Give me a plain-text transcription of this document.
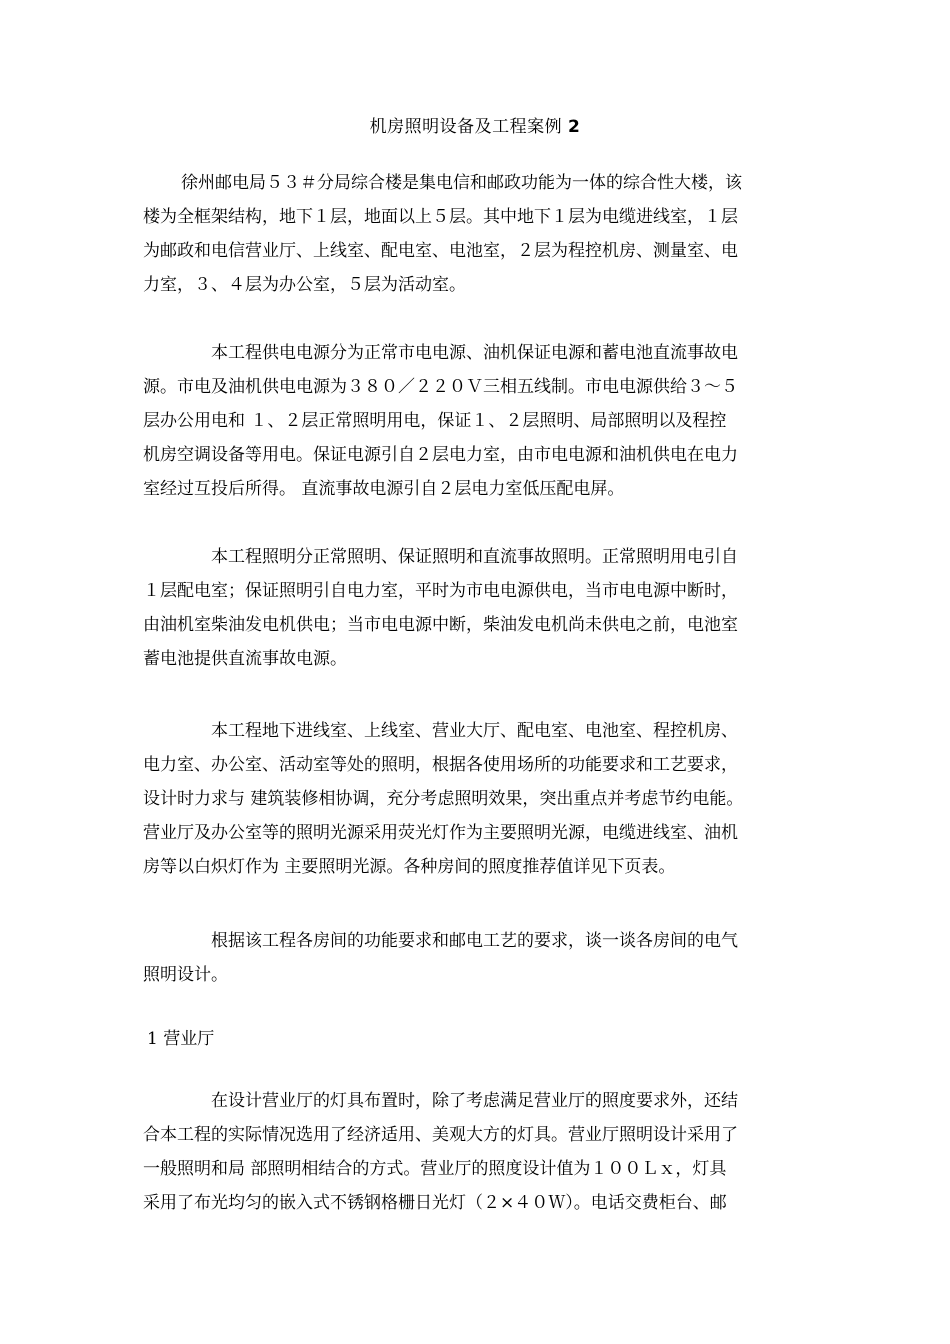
机房照明设备及工程案例 2

徐州邮电局５３＃分局综合楼是集电信和邮政功能为一体的综合性大楼，该
楼为全框架结构，地下１层，地面以上５层。其中地下１层为电缆进线室，１层
为邮政和电信营业厅、上线室、配电室、电池室，２层为程控机房、测量室、电
力室，３、４层为办公室，５层为活动室。

本工程供电电源分为正常市电电源、油机保证电源和蓄电池直流事故电
源。市电及油机供电电源为３８０／２２０Ｖ三相五线制。市电电源供给３～５
层办公用电和 １、２层正常照明用电，保证１、２层照明、局部照明以及程控
机房空调设备等用电。保证电源引自２层电力室，由市电电源和油机供电在电力
室经过互投后所得。 直流事故电源引自２层电力室低压配电屏。

本工程照明分正常照明、保证照明和直流事故照明。正常照明用电引自
１层配电室；保证照明引自电力室，平时为市电电源供电，当市电电源中断时，
由油机室柴油发电机供电；当市电电源中断，柴油发电机尚未供电之前，电池室
蓄电池提供直流事故电源。

本工程地下进线室、上线室、营业大厅、配电室、电池室、程控机房、
电力室、办公室、活动室等处的照明，根据各使用场所的功能要求和工艺要求，
设计时力求与 建筑装修相协调，充分考虑照明效果，突出重点并考虑节约电能。
营业厅及办公室等的照明光源采用荧光灯作为主要照明光源，电缆进线室、油机
房等以白炽灯作为 主要照明光源。各种房间的照度推荐值详见下页表。

根据该工程各房间的功能要求和邮电工艺的要求，谈一谈各房间的电气
照明设计。

1 营业厅

在设计营业厅的灯具布置时，除了考虑满足营业厅的照度要求外，还结
合本工程的实际情况选用了经济适用、美观大方的灯具。营业厅照明设计采用了
一般照明和局 部照明相结合的方式。营业厅的照度设计值为１００Ｌｘ，灯具
采用了布光均匀的嵌入式不锈钢格栅日光灯（２×４０Ｗ）。电话交费柜台、邮
